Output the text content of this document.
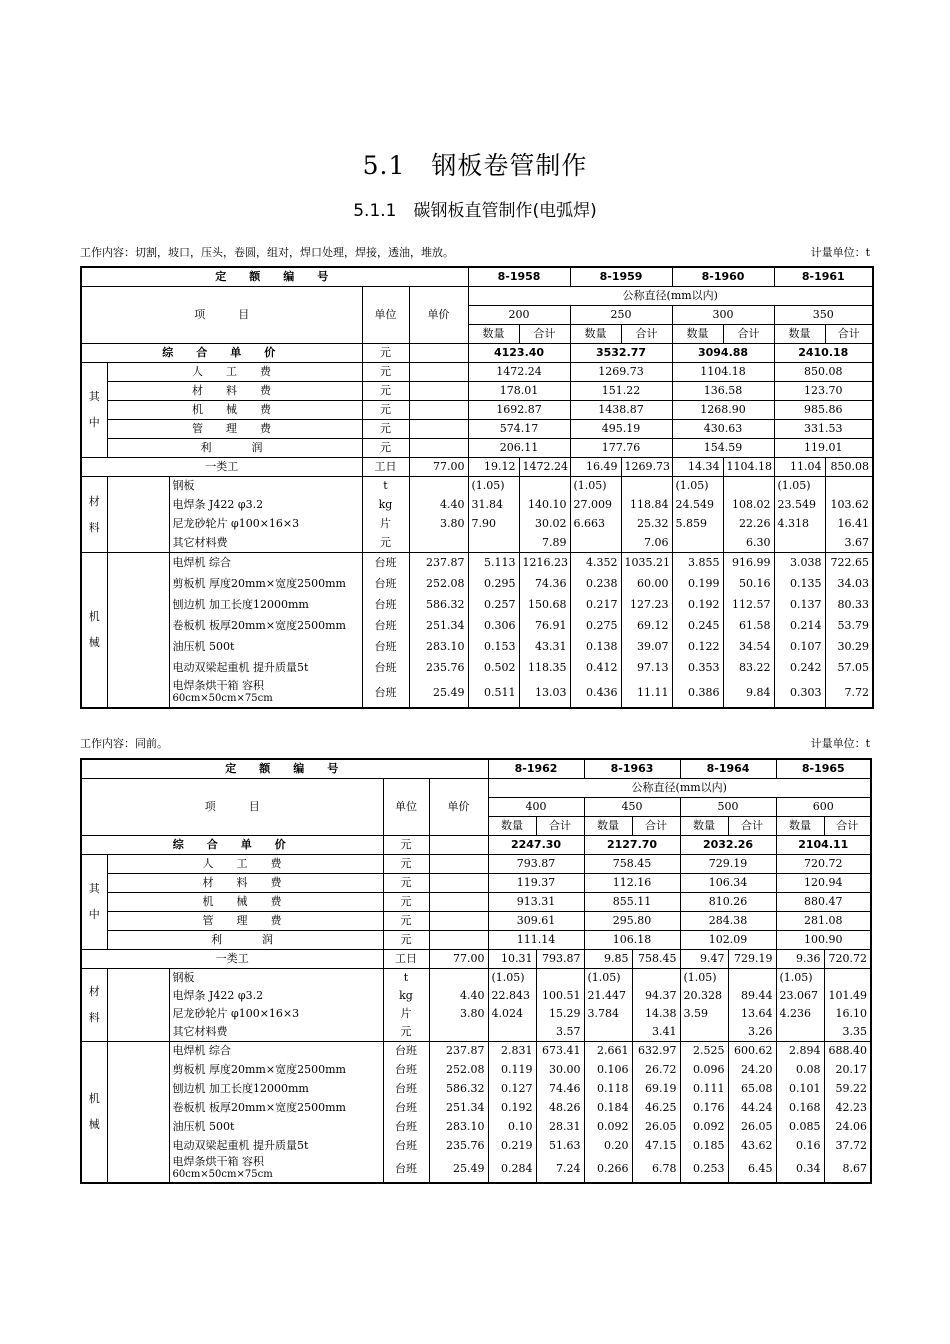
5.1　钢板卷管制作
5.1.1　碳钢板直管制作(电弧焊)
工作内容：切割，坡口，压头，卷圆，组对，焊口处理，焊接，透油，堆放。	计量单位：t
定　额　编　号					8-1958		8-1959		8-1960		8-1961	
项　　　目			单位	单价	公称直径(mm以内)							
					200		250		300		350	
					数量	合计	数量	合计	数量	合计	数量	合计
综　合　单　价			元		4123.40		3532.77		3094.88		2410.18	
其中	人　工　费		元		1472.24		1269.73		1104.18		850.08	
	材　料　费		元		178.01		151.22		136.58		123.70	
	机　械　费		元		1692.87		1438.87		1268.90		985.86	
	管　理　费		元		574.17		495.19		430.63		331.53	
	利　　润		元		206.11		177.76		154.59		119.01	
一类工			工日	77.00	19.12	1472.24	16.49	1269.73	14.34	1104.18	11.04	850.08
材料		钢板	t		(1.05)		(1.05)		(1.05)		(1.05)	
		电焊条 J422 φ3.2	kg	4.40	31.84	140.10	27.009	118.84	24.549	108.02	23.549	103.62
		尼龙砂轮片 φ100×16×3	片	3.80	7.90	30.02	6.663	25.32	5.859	22.26	4.318	16.41
		其它材料费	元			7.89		7.06		6.30		3.67
机械		电焊机 综合	台班	237.87	5.113	1216.23	4.352	1035.21	3.855	916.99	3.038	722.65
		剪板机 厚度20mm×宽度2500mm	台班	252.08	0.295	74.36	0.238	60.00	0.199	50.16	0.135	34.03
		刨边机 加工长度12000mm	台班	586.32	0.257	150.68	0.217	127.23	0.192	112.57	0.137	80.33
		卷板机 板厚20mm×宽度2500mm	台班	251.34	0.306	76.91	0.275	69.12	0.245	61.58	0.214	53.79
		油压机 500t	台班	283.10	0.153	43.31	0.138	39.07	0.122	34.54	0.107	30.29
		电动双梁起重机 提升质量5t	台班	235.76	0.502	118.35	0.412	97.13	0.353	83.22	0.242	57.05
		电焊条烘干箱 容积
60cm×50cm×75cm	台班	25.49	0.511	13.03	0.436	11.11	0.386	9.84	0.303	7.72
工作内容：同前。	计量单位：t
定　额　编　号					8-1962		8-1963		8-1964		8-1965	
项　　　目			单位	单价	公称直径(mm以内)							
					400		450		500		600	
					数量	合计	数量	合计	数量	合计	数量	合计
综　合　单　价			元		2247.30		2127.70		2032.26		2104.11	
其中	人　工　费		元		793.87		758.45		729.19		720.72	
	材　料　费		元		119.37		112.16		106.34		120.94	
	机　械　费		元		913.31		855.11		810.26		880.47	
	管　理　费		元		309.61		295.80		284.38		281.08	
	利　　润		元		111.14		106.18		102.09		100.90	
一类工			工日	77.00	10.31	793.87	9.85	758.45	9.47	729.19	9.36	720.72
材料		钢板	t		(1.05)		(1.05)		(1.05)		(1.05)	
		电焊条 J422 φ3.2	kg	4.40	22.843	100.51	21.447	94.37	20.328	89.44	23.067	101.49
		尼龙砂轮片 φ100×16×3	片	3.80	4.024	15.29	3.784	14.38	3.59	13.64	4.236	16.10
		其它材料费	元			3.57		3.41		3.26		3.35
机械		电焊机 综合	台班	237.87	2.831	673.41	2.661	632.97	2.525	600.62	2.894	688.40
		剪板机 厚度20mm×宽度2500mm	台班	252.08	0.119	30.00	0.106	26.72	0.096	24.20	0.08	20.17
		刨边机 加工长度12000mm	台班	586.32	0.127	74.46	0.118	69.19	0.111	65.08	0.101	59.22
		卷板机 板厚20mm×宽度2500mm	台班	251.34	0.192	48.26	0.184	46.25	0.176	44.24	0.168	42.23
		油压机 500t	台班	283.10	0.10	28.31	0.092	26.05	0.092	26.05	0.085	24.06
		电动双梁起重机 提升质量5t	台班	235.76	0.219	51.63	0.20	47.15	0.185	43.62	0.16	37.72
		电焊条烘干箱 容积
60cm×50cm×75cm	台班	25.49	0.284	7.24	0.266	6.78	0.253	6.45	0.34	8.67
